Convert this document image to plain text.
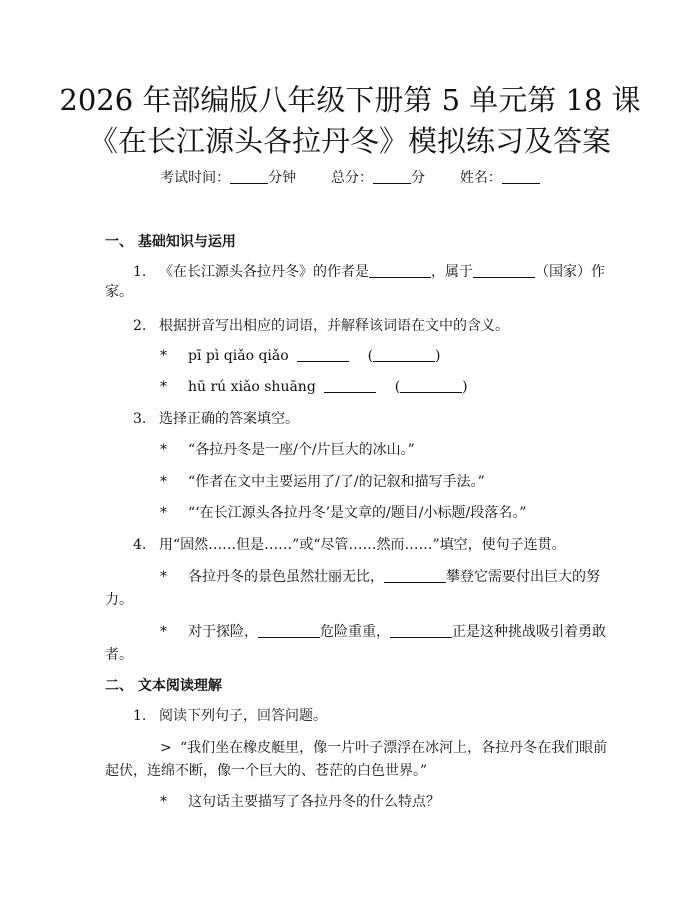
2026 年部编版八年级下册第 5 单元第 18 课
《在长江源头各拉丹冬》模拟练习及答案
考试时间：	分钟 总分：	分 姓名：
一、 基础知识与运用
1. 《在长江源头各拉丹冬》的作者是	，属于	（国家）作
家。
2. 根据拼音写出相应的词语，并解释该词语在文中的含义。
* pī pì qiǎo qiǎo	(	)
* hū rú xiǎo shuāng	(	)
3. 选择正确的答案填空。
* “各拉丹冬是一座/个/片巨大的冰山。”
* “作者在文中主要运用了/了/的记叙和描写手法。”
* “‘在长江源头各拉丹冬’是文章的/题目/小标题/段落名。”
4. 用“固然……但是……”或“尽管……然而……”填空，使句子连贯。
* 各拉丹冬的景色虽然壮丽无比，	攀登它需要付出巨大的努
力。
* 对于探险，	危险重重，	正是这种挑战吸引着勇敢
者。
二、 文本阅读理解
1. 阅读下列句子，回答问题。
> “我们坐在橡皮艇里，像一片叶子漂浮在冰河上，各拉丹冬在我们眼前
起伏，连绵不断，像一个巨大的、苍茫的白色世界。”
* 这句话主要描写了各拉丹冬的什么特点？
